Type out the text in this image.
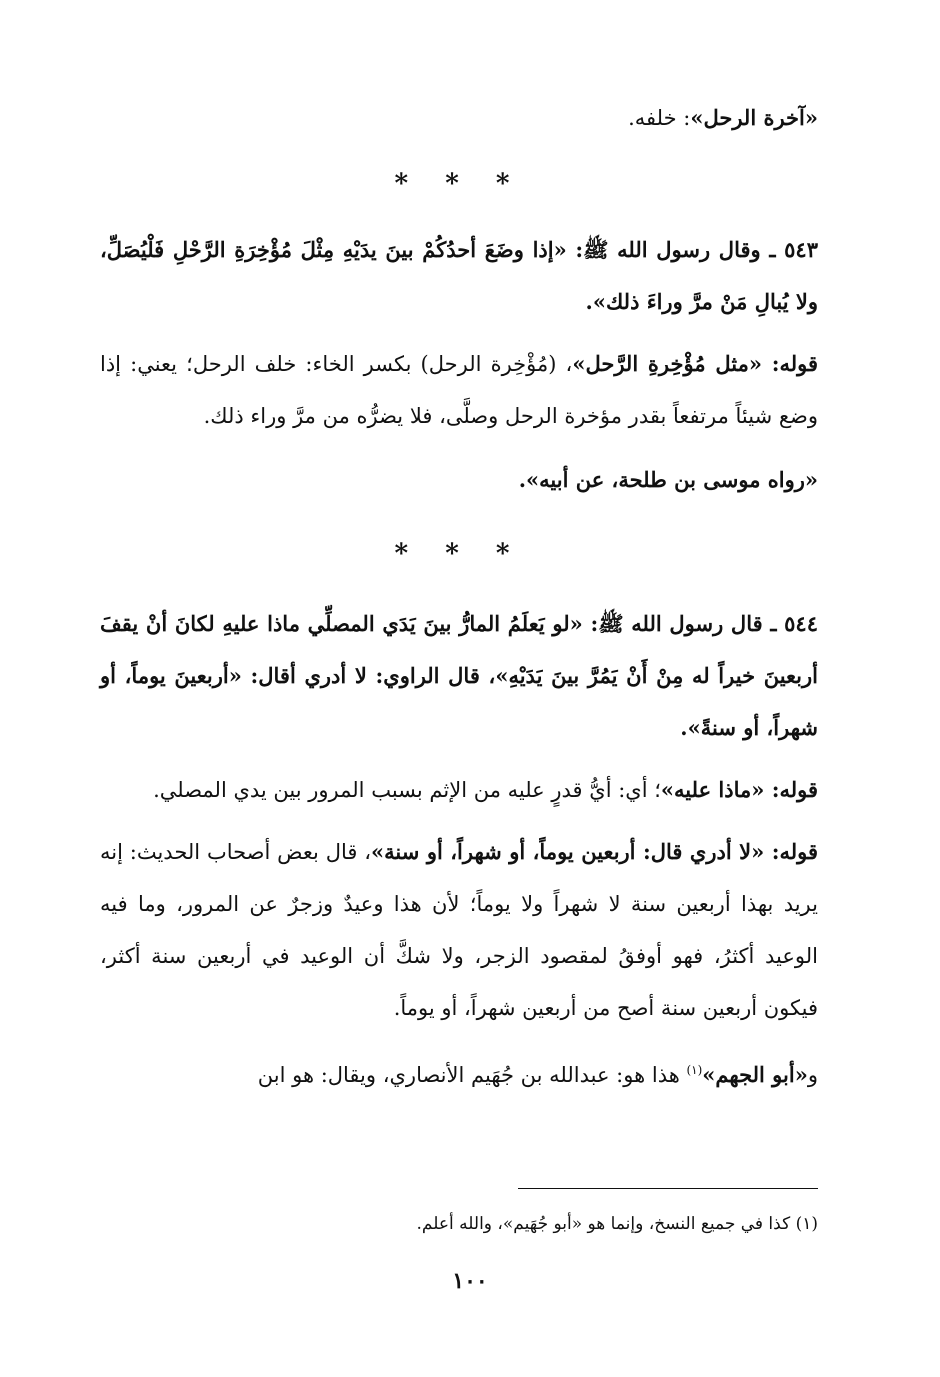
«آخرة الرحل»: خلفه.

* * *

٥٤٣ ـ وقال رسول الله ﷺ: «إذا وضَعَ أحدُكُمْ بينَ يدَيْهِ مِثْلَ مُؤْخِرَةِ الرَّحْلِ فَلْيُصَلِّ، ولا يُبالِ مَنْ مرَّ وراءَ ذلك».

قوله: «مثل مُؤْخِرةِ الرَّحل»، (مُؤْخِرة الرحل) بكسر الخاء: خلف الرحل؛ يعني: إذا وضع شيئاً مرتفعاً بقدر مؤخرة الرحل وصلَّى، فلا يضرُّه من مرَّ وراء ذلك.

«رواه موسى بن طلحة، عن أبيه».

* * *

٥٤٤ ـ قال رسول الله ﷺ: «لو يَعلَمُ المارُّ بينَ يَدَي المصلِّي ماذا عليهِ لكانَ أنْ يقفَ أربعينَ خيراً له مِنْ أَنْ يَمُرَّ بينَ يَدَيْهِ»، قال الراوي: لا أدري أقال: «أربعينَ يوماً، أو شهراً، أو سنةً».

قوله: «ماذا عليه»؛ أي: أيُّ قدرٍ عليه من الإثم بسبب المرور بين يدي المصلي.

قوله: «لا أدري قال: أربعين يوماً، أو شهراً، أو سنة»، قال بعض أصحاب الحديث: إنه يريد بهذا أربعين سنة لا شهراً ولا يوماً؛ لأن هذا وعيدٌ وزجرٌ عن المرور، وما فيه الوعيد أكثرُ، فهو أوفقُ لمقصود الزجر، ولا شكَّ أن الوعيد في أربعين سنة أكثر، فيكون أربعين سنة أصح من أربعين شهراً، أو يوماً.

و«أبو الجهم»$^{(١)}$ هذا هو: عبدالله بن جُهَيم الأنصاري، ويقال: هو ابن

(١) كذا في جميع النسخ، وإنما هو «أبو جُهَيم»، والله أعلم.
١٠٠
